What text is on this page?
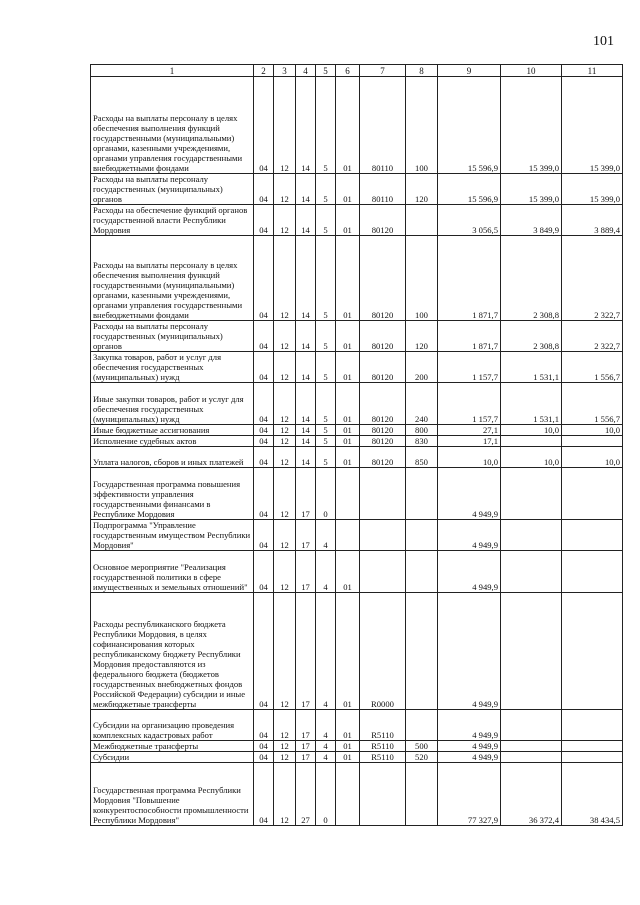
101
1	2	3	4	5	6	7	8	9	10	11
Расходы на выплаты персоналу в целях обеспечения выполнения функций государственными (муниципальными) органами, казенными учреждениями, органами управления государственными внебюджетными фондами	04	12	14	5	01	80110	100	15 596,9	15 399,0	15 399,0
Расходы на выплаты персоналу государственных (муниципальных) органов	04	12	14	5	01	80110	120	15 596,9	15 399,0	15 399,0
Расходы на обеспечение функций органов государственной власти Республики Мордовия	04	12	14	5	01	80120		3 056,5	3 849,9	3 889,4
Расходы на выплаты персоналу в целях обеспечения выполнения функций государственными (муниципальными) органами, казенными учреждениями, органами управления государственными внебюджетными фондами	04	12	14	5	01	80120	100	1 871,7	2 308,8	2 322,7
Расходы на выплаты персоналу государственных (муниципальных) органов	04	12	14	5	01	80120	120	1 871,7	2 308,8	2 322,7
Закупка товаров, работ и услуг для обеспечения государственных (муниципальных) нужд	04	12	14	5	01	80120	200	1 157,7	1 531,1	1 556,7
Иные закупки товаров, работ и услуг для обеспечения государственных (муниципальных) нужд	04	12	14	5	01	80120	240	1 157,7	1 531,1	1 556,7
Иные бюджетные ассигнования	04	12	14	5	01	80120	800	27,1	10,0	10,0
Исполнение судебных актов	04	12	14	5	01	80120	830	17,1		
Уплата налогов, сборов и иных платежей	04	12	14	5	01	80120	850	10,0	10,0	10,0
Государственная программа повышения эффективности управления государственными финансами в Республике Мордовия	04	12	17	0				4 949,9		
Подпрограмма "Управление государственным имуществом Республики Мордовия"	04	12	17	4				4 949,9		
Основное мероприятие "Реализация государственной политики в сфере имущественных и земельных отношений"	04	12	17	4	01			4 949,9		
Расходы республиканского бюджета Республики Мордовия, в целях софинансирования которых республиканскому бюджету Республики Мордовия предоставляются из федерального бюджета (бюджетов государственных внебюджетных фондов Российской Федерации) субсидии и иные межбюджетные трансферты	04	12	17	4	01	R0000		4 949,9		
Субсидии на организацию проведения комплексных кадастровых работ	04	12	17	4	01	R5110		4 949,9		
Межбюджетные трансферты	04	12	17	4	01	R5110	500	4 949,9		
Субсидии	04	12	17	4	01	R5110	520	4 949,9		
Государственная программа Республики Мордовия "Повышение конкурентоспособности промышленности Республики Мордовия"	04	12	27	0				77 327,9	36 372,4	38 434,5
